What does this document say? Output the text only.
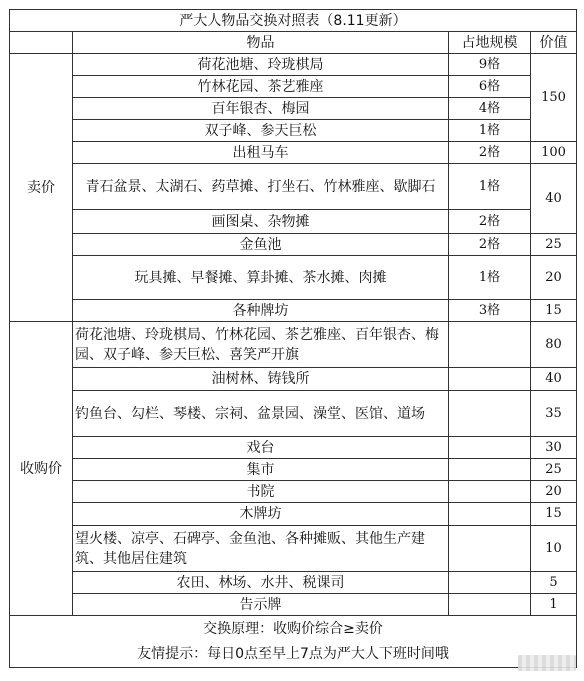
严大人物品交换对照表（8.11更新）			
	物品	占地规模	价值
卖价	荷花池塘、玲珑棋局	9格	150
	竹林花园、茶艺雅座	6格	
	百年银杏、梅园	4格	
	双子峰、参天巨松	1格	
	出租马车	2格	100
	青石盆景、太湖石、药草摊、打坐石、竹林雅座、歇脚石	1格	40
	画图桌、杂物摊	2格	
	金鱼池	2格	25
	玩具摊、早餐摊、算卦摊、茶水摊、肉摊	1格	20
	各种牌坊	3格	15
收购价	荷花池塘、玲珑棋局、竹林花园、茶艺雅座、百年银杏、梅园、双子峰、参天巨松、喜笑严开旗		80
	油树林、铸钱所		40
	钓鱼台、勾栏、琴楼、宗祠、盆景园、澡堂、医馆、道场		35
	戏台		30
	集市		25
	书院		20
	木牌坊		15
	望火楼、凉亭、石碑亭、金鱼池、各种摊贩、其他生产建筑、其他居住建筑		10
	农田、林场、水井、税课司		5
	告示牌		1
交换原理：收购价综合≥卖价			
友情提示：每日0点至早上7点为严大人下班时间哦			
